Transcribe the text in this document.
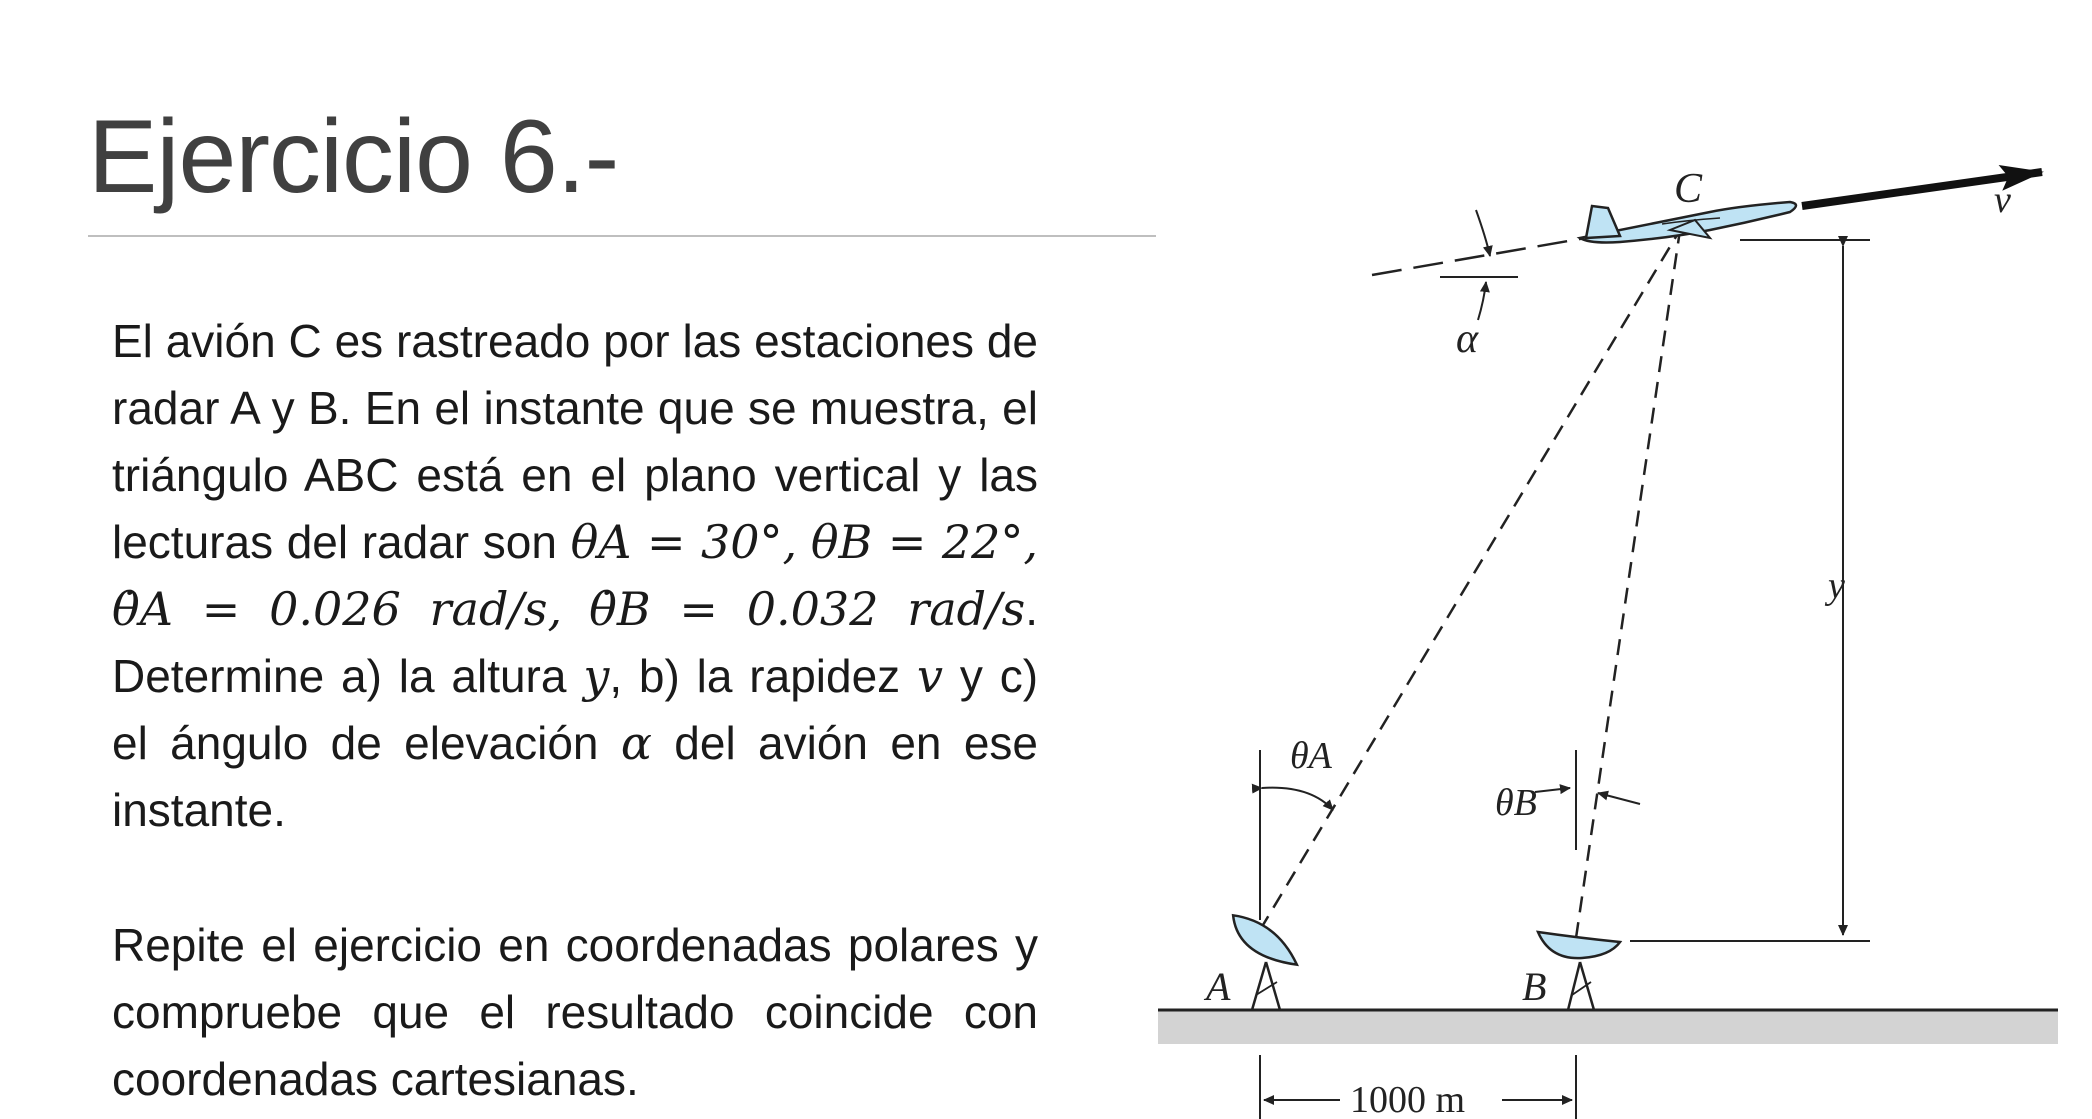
Ejercicio 6.-
El avión C es rastreado por las estaciones de radar A y B. En el instante que se muestra, el triángulo ABC está en el plano vertical y las lecturas del radar son θA = 30°, θB = 22°, θ̇A = 0.026 rad/s, θ̇B = 0.032 rad/s. Determine a) la altura y, b) la rapidez v y c) el ángulo de elevación α del avión en ese instante.
Repite el ejercicio en coordenadas polares y compruebe que el resultado coincide con coordenadas cartesianas.
θA
θB
y
1000 m
A	B
α
C	v
